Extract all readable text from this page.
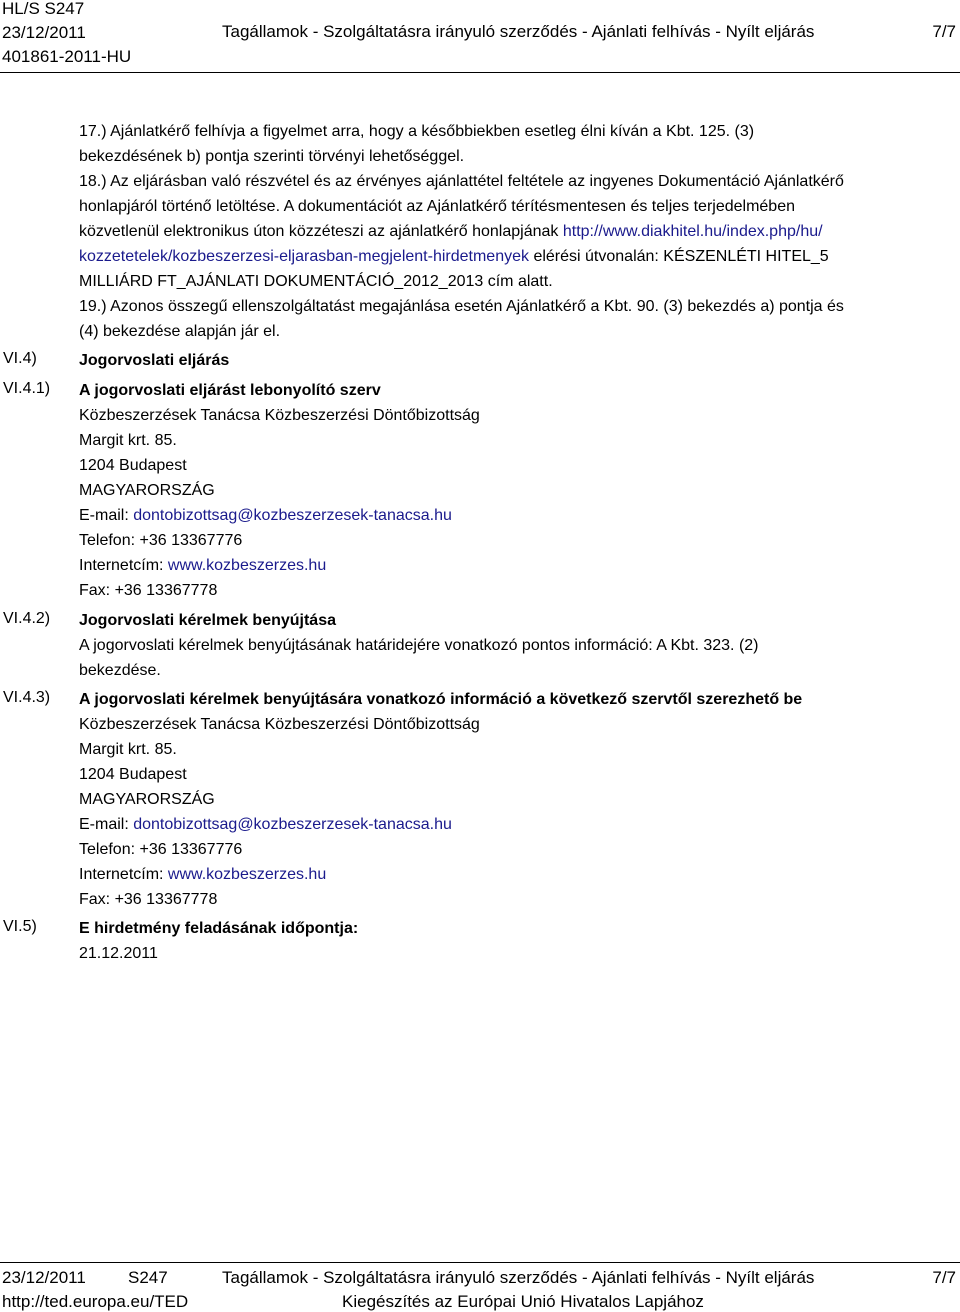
HL/S S247
23/12/2011
401861-2011-HU
Tagállamok - Szolgáltatásra irányuló szerződés - Ajánlati felhívás - Nyílt eljárás	7/7
17.) Ajánlatkérő felhívja a figyelmet arra, hogy a későbbiekben esetleg élni kíván a Kbt. 125. (3)
bekezdésének b) pontja szerinti törvényi lehetőséggel.
18.) Az eljárásban való részvétel és az érvényes ajánlattétel feltétele az ingyenes Dokumentáció Ajánlatkérő
honlapjáról történő letöltése. A dokumentációt az Ajánlatkérő térítésmentesen és teljes terjedelmében
közvetlenül elektronikus úton közzéteszi az ajánlatkérő honlapjának http://www.diakhitel.hu/index.php/hu/
kozzetetelek/kozbeszerzesi-eljarasban-megjelent-hirdetmenyek elérési útvonalán: KÉSZENLÉTI HITEL_5
MILLIÁRD FT_AJÁNLATI DOKUMENTÁCIÓ_2012_2013 cím alatt.
19.) Azonos összegű ellenszolgáltatást megajánlása esetén Ajánlatkérő a Kbt. 90. (3) bekezdés a) pontja és
(4) bekezdése alapján jár el.
VI.4)	Jogorvoslati eljárás
VI.4.1) A jogorvoslati eljárást lebonyolító szerv
Közbeszerzések Tanácsa Közbeszerzési Döntőbizottság
Margit krt. 85.
1204 Budapest
MAGYARORSZÁG
E-mail: dontobizottsag@kozbeszerzesek-tanacsa.hu
Telefon: +36 13367776
Internetcím: www.kozbeszerzes.hu
Fax: +36 13367778
VI.4.2) Jogorvoslati kérelmek benyújtása
A jogorvoslati kérelmek benyújtásának határidejére vonatkozó pontos információ: A Kbt. 323. (2)
bekezdése.
VI.4.3) A jogorvoslati kérelmek benyújtására vonatkozó információ a következő szervtől szerezhető be
Közbeszerzések Tanácsa Közbeszerzési Döntőbizottság
Margit krt. 85.
1204 Budapest
MAGYARORSZÁG
E-mail: dontobizottsag@kozbeszerzesek-tanacsa.hu
Telefon: +36 13367776
Internetcím: www.kozbeszerzes.hu
Fax: +36 13367778
VI.5)	E hirdetmény feladásának időpontja:
21.12.2011
23/12/2011 S247	Tagállamok - Szolgáltatásra irányuló szerződés - Ajánlati felhívás - Nyílt eljárás	7/7
http://ted.europa.eu/TED	Kiegészítés az Európai Unió Hivatalos Lapjához
